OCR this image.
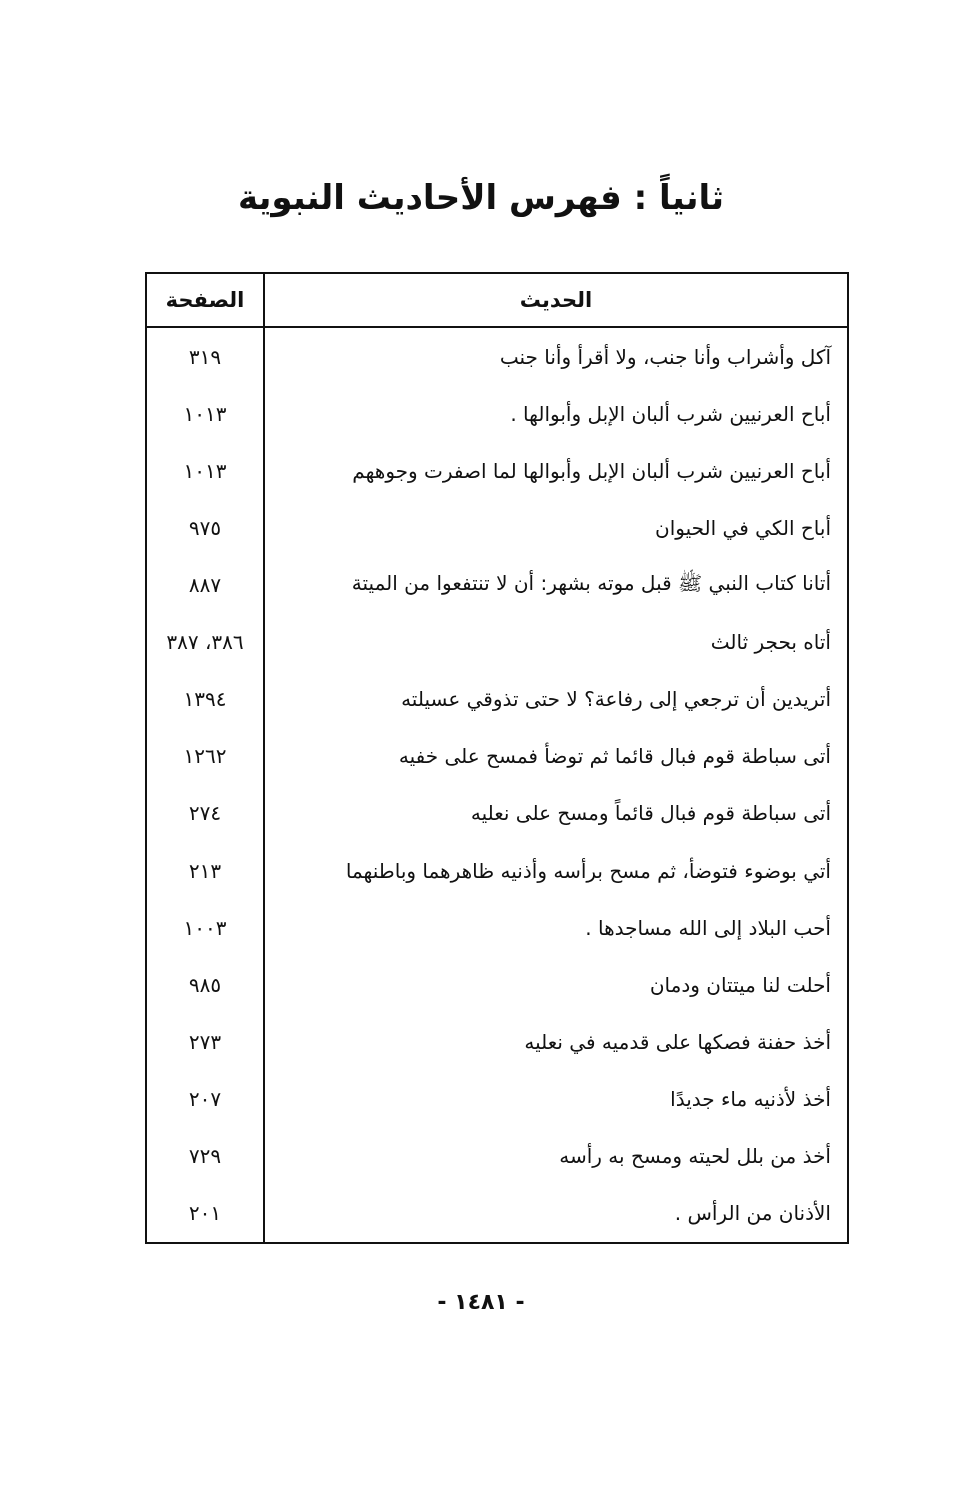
ثانياً : فهرس الأحاديث النبوية
الحديث	الصفحة
آكل وأشراب وأنا جنب، ولا أقرأ وأنا جنب	٣١٩
أباح العرنيين شرب ألبان الإبل وأبوالها .	١٠١٣
أباح العرنيين شرب ألبان الإبل وأبوالها لما اصفرت وجوههم	١٠١٣
أباح الكي في الحيوان	٩٧٥
أتانا كتاب النبي ﷺ قبل موته بشهر: أن لا تنتفعوا من الميتة	٨٨٧
أتاه بحجر ثالث	٣٨٦، ٣٨٧
أتريدين أن ترجعي إلى رفاعة؟ لا حتى تذوقي عسيلته	١٣٩٤
أتى سباطة قوم فبال قائما ثم توضأ فمسح على خفيه	١٢٦٢
أتى سباطة قوم فبال قائماً ومسح على نعليه	٢٧٤
أتي بوضوء فتوضأ، ثم مسح برأسه وأذنيه ظاهرهما وباطنهما	٢١٣
أحب البلاد إلى الله مساجدها .	١٠٠٣
أحلت لنا ميتتان ودمان	٩٨٥
أخذ حفنة فصكها على قدميه في نعليه	٢٧٣
أخذ لأذنيه ماء جديدًا	٢٠٧
أخذ من بلل لحيته ومسح به رأسه	٧٢٩
الأذنان من الرأس .	٢٠١
- ١٤٨١ -
